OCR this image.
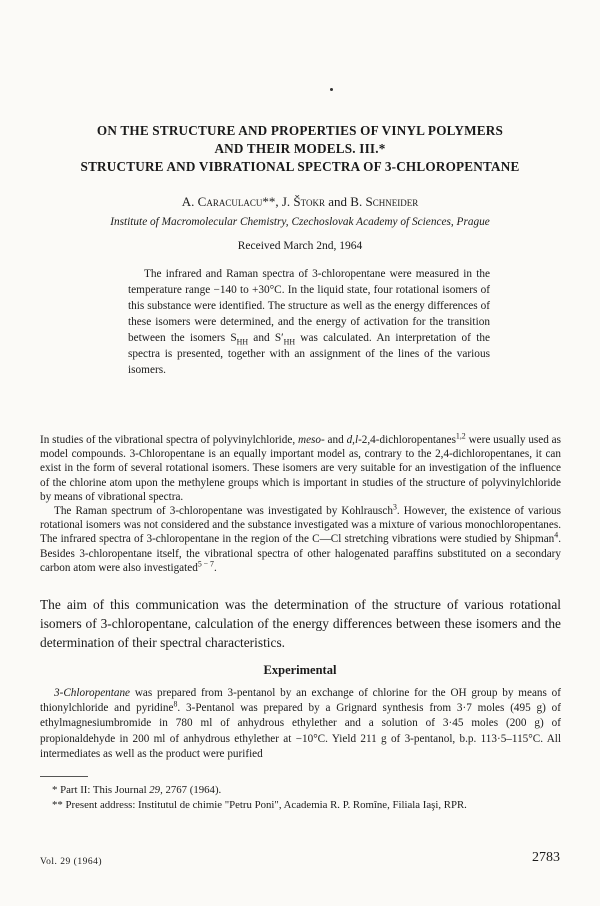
ON THE STRUCTURE AND PROPERTIES OF VINYL POLYMERS
AND THEIR MODELS. III.*
STRUCTURE AND VIBRATIONAL SPECTRA OF 3-CHLOROPENTANE
A. Caraculacu**, J. Štokr and B. Schneider
Institute of Macromolecular Chemistry, Czechoslovak Academy of Sciences, Prague
Received March 2nd, 1964
The infrared and Raman spectra of 3-chloropentane were measured in the temperature range −140 to +30°C. In the liquid state, four rotational isomers of this substance were identified. The structure as well as the energy differences of these isomers were determined, and the energy of activation for the transition between the isomers $S_{HH}$ and $S'_{HH}$ was calculated. An interpretation of the spectra is presented, together with an assignment of the lines of the various isomers.

In studies of the vibrational spectra of polyvinylchloride, meso- and d,l-2,4-dichloropentanes$^{1,2}$ were usually used as model compounds. 3-Chloropentane is an equally important model as, contrary to the 2,4-dichloropentanes, it can exist in the form of several rotational isomers. These isomers are very suitable for an investigation of the influence of the chlorine atom upon the methylene groups which is important in studies of the structure of polyvinylchloride by means of vibrational spectra.

The Raman spectrum of 3-chloropentane was investigated by Kohlrausch$^3$. However, the existence of various rotational isomers was not considered and the substance investigated was a mixture of various monochloropentanes. The infrared spectra of 3-chloropentane in the region of the C—Cl stretching vibrations were studied by Shipman$^4$. Besides 3-chloropentane itself, the vibrational spectra of other halogenated paraffins substituted on a secondary carbon atom were also investigated$^{5 - 7}$.

The aim of this communication was the determination of the structure of various rotational isomers of 3-chloropentane, calculation of the energy differences between these isomers and the determination of their spectral characteristics.
Experimental
3-Chloropentane was prepared from 3-pentanol by an exchange of chlorine for the OH group by means of thionylchloride and pyridine$^8$. 3-Pentanol was prepared by a Grignard synthesis from 3·7 moles (495 g) of ethylmagnesiumbromide in 780 ml of anhydrous ethylether and a solution of 3·45 moles (200 g) of propionaldehyde in 200 ml of anhydrous ethylether at −10°C. Yield 211 g of 3-pentanol, b.p. 113·5–115°C. All intermediates as well as the product were purified

* Part II: This Journal 29, 2767 (1964).

** Present address: Institutul de chimie "Petru Poni", Academia R. P. Romîne, Filiala Iaşi, RPR.

Vol. 29 (1964)	2783
